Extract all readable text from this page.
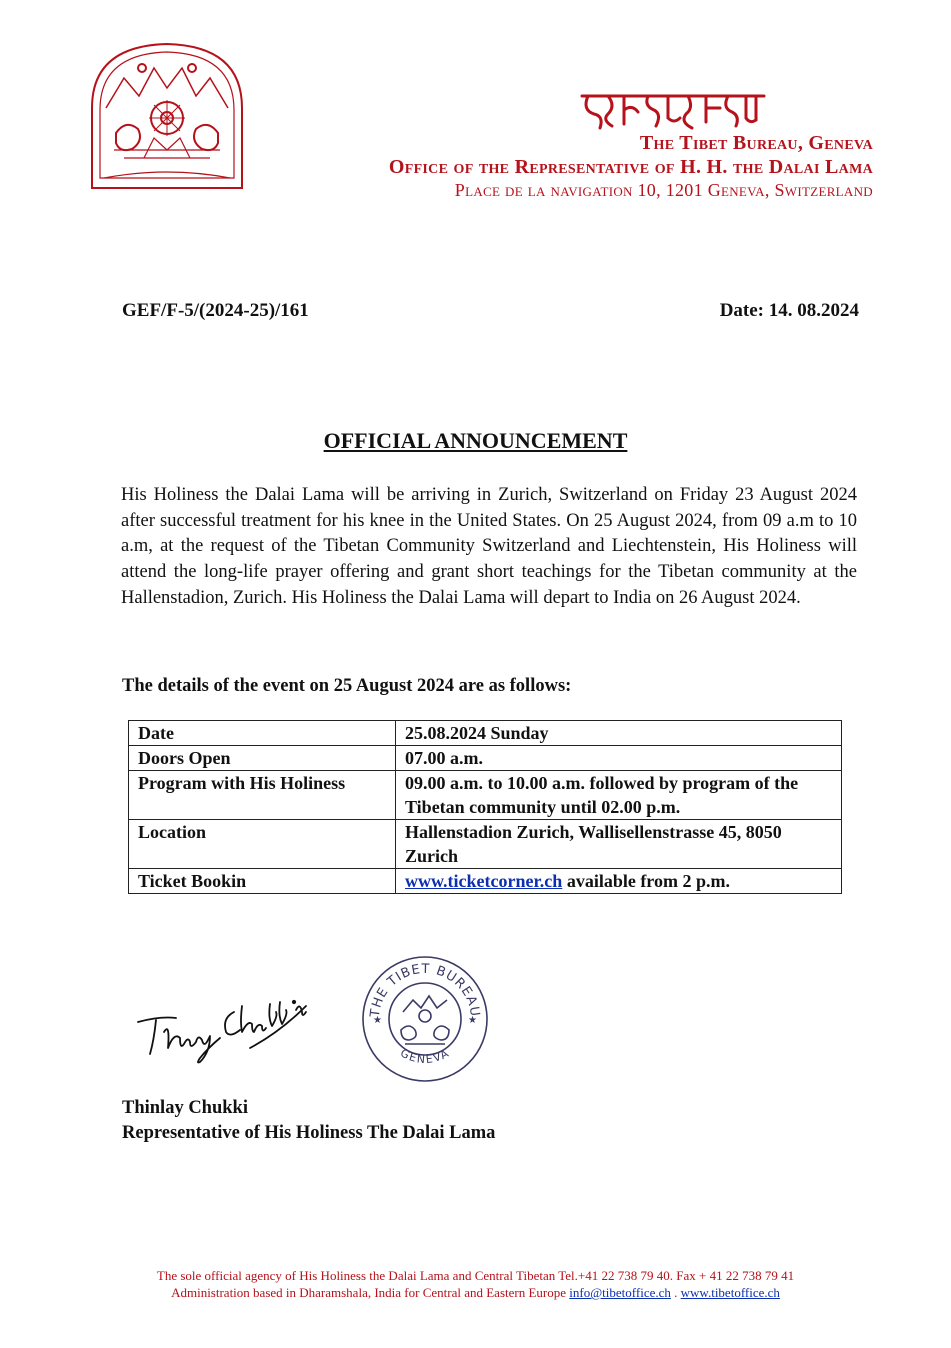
The Tibet Bureau, Geneva
Office of the Representative of H. H. the Dalai Lama
Place de la navigation 10, 1201 Geneva, Switzerland
GEF/F-5/(2024-25)/161	Date: 14. 08.2024
OFFICIAL ANNOUNCEMENT
His Holiness the Dalai Lama will be arriving in Zurich, Switzerland on Friday 23 August 2024 after successful treatment for his knee in the United States. On 25 August 2024, from 09 a.m to 10 a.m, at the request of the Tibetan Community Switzerland and Liechtenstein, His Holiness will attend the long-life prayer offering and grant short teachings for the Tibetan community at the Hallenstadion, Zurich. His Holiness the Dalai Lama will depart to India on 26 August 2024.
The details of the event on 25 August 2024 are as follows:
Date	25.08.2024 Sunday
Doors Open	07.00 a.m.
Program with His Holiness	09.00 a.m. to 10.00 a.m. followed by program of the Tibetan community until 02.00 p.m.
Location	Hallenstadion Zurich, Wallisellenstrasse 45, 8050 Zurich
Ticket Bookin	www.ticketcorner.ch available from 2 p.m.
THE TIBET BUREAU
GENEVA
★	★
Thinlay Chukki
Representative of His Holiness The Dalai Lama
The sole official agency of His Holiness the Dalai Lama and Central Tibetan Tel.+41 22 738 79 40. Fax + 41 22 738 79 41
Administration based in Dharamshala, India for Central and Eastern Europe info@tibetoffice.ch . www.tibetoffice.ch
